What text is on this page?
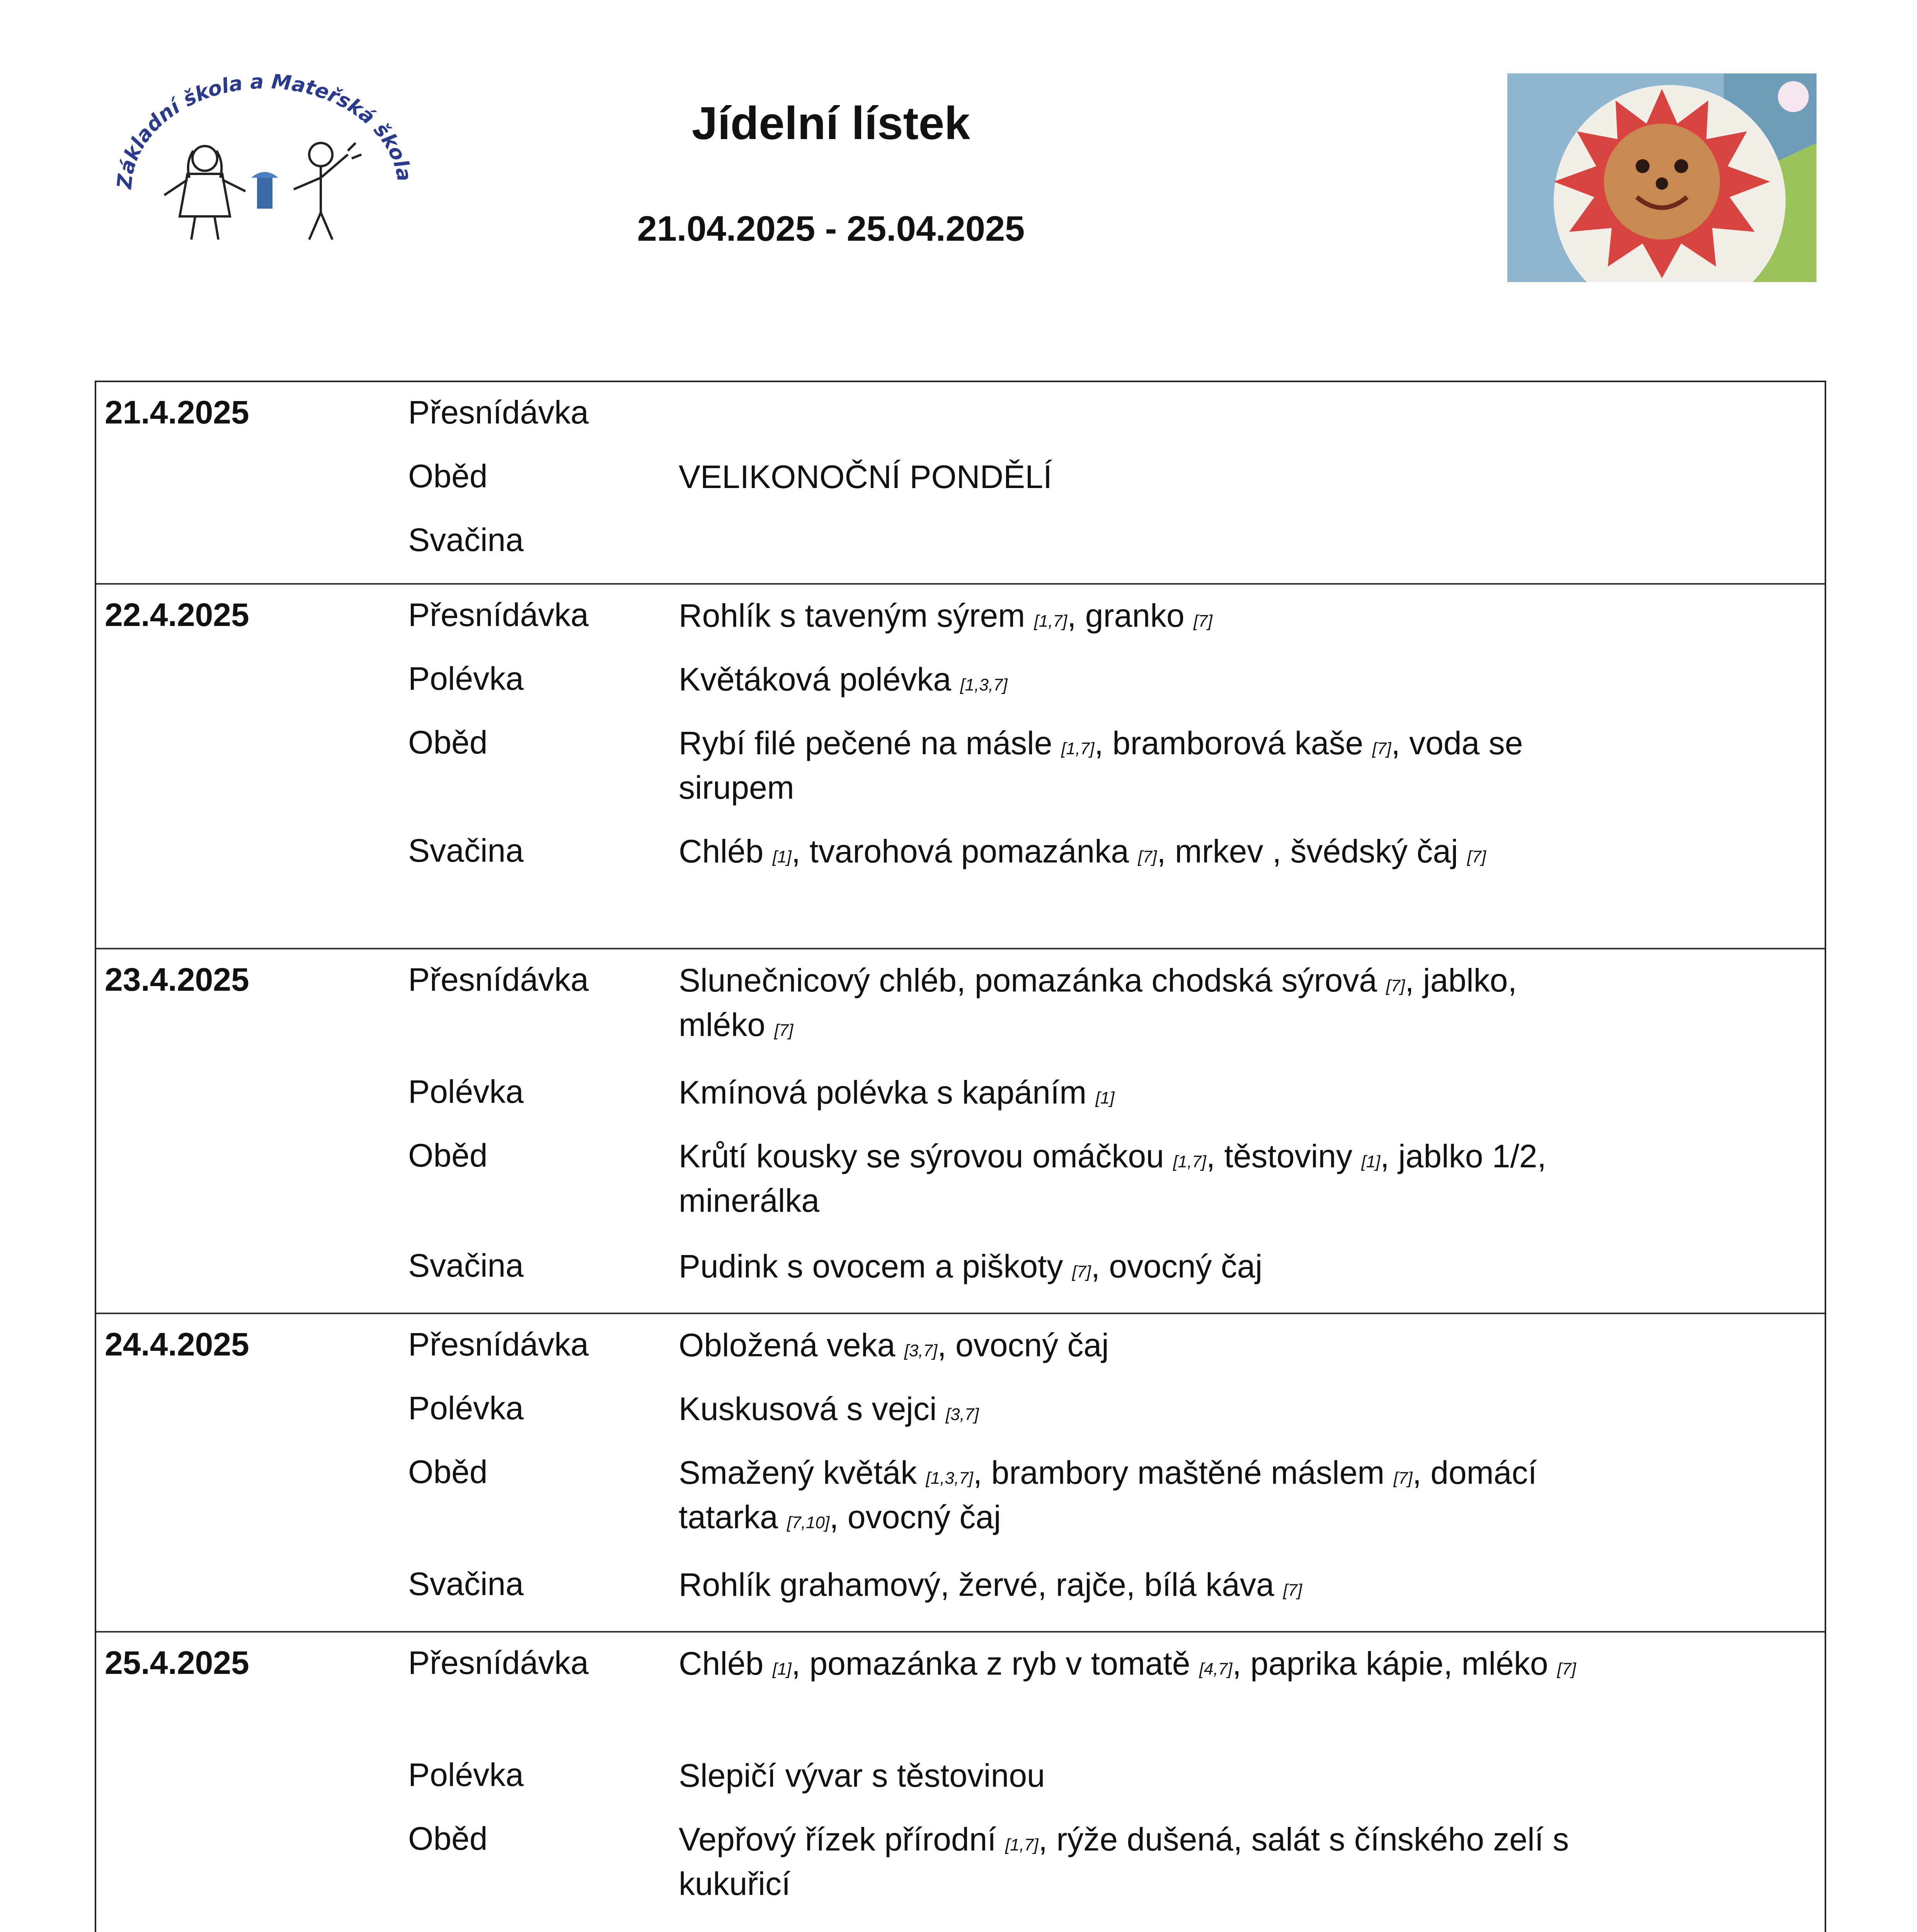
Základní škola a Mateřská škola
Jídelní lístek
21.04.2025 - 25.04.2025
21.4.2025	Přesnídávka
Oběd	VELIKONOČNÍ PONDĚLÍ
Svačina
22.4.2025	Přesnídávka	Rohlík s taveným sýrem [1,7], granko [7]
Polévka	Květáková polévka [1,3,7]
Oběd	Rybí filé pečené na másle [1,7], bramborová kaše [7], voda se sirupem
Svačina	Chléb [1], tvarohová pomazánka [7], mrkev , švédský čaj [7]
23.4.2025	Přesnídávka	Slunečnicový chléb, pomazánka chodská sýrová [7], jablko, mléko [7]
Polévka	Kmínová polévka s kapáním [1]
Oběd	Krůtí kousky se sýrovou omáčkou [1,7], těstoviny [1], jablko 1/2, minerálka
Svačina	Pudink s ovocem a piškoty [7], ovocný čaj
24.4.2025	Přesnídávka	Obložená veka [3,7], ovocný čaj
Polévka	Kuskusová s vejci [3,7]
Oběd	Smažený květák [1,3,7], brambory maštěné máslem [7], domácí tatarka [7,10], ovocný čaj
Svačina	Rohlík grahamový, žervé, rajče, bílá káva [7]
25.4.2025	Přesnídávka	Chléb [1], pomazánka z ryb v tomatě [4,7], paprika kápie, mléko [7]
Polévka	Slepičí vývar s těstovinou
Oběd	Vepřový řízek přírodní [1,7], rýže dušená, salát s čínského zelí s kukuřicí
